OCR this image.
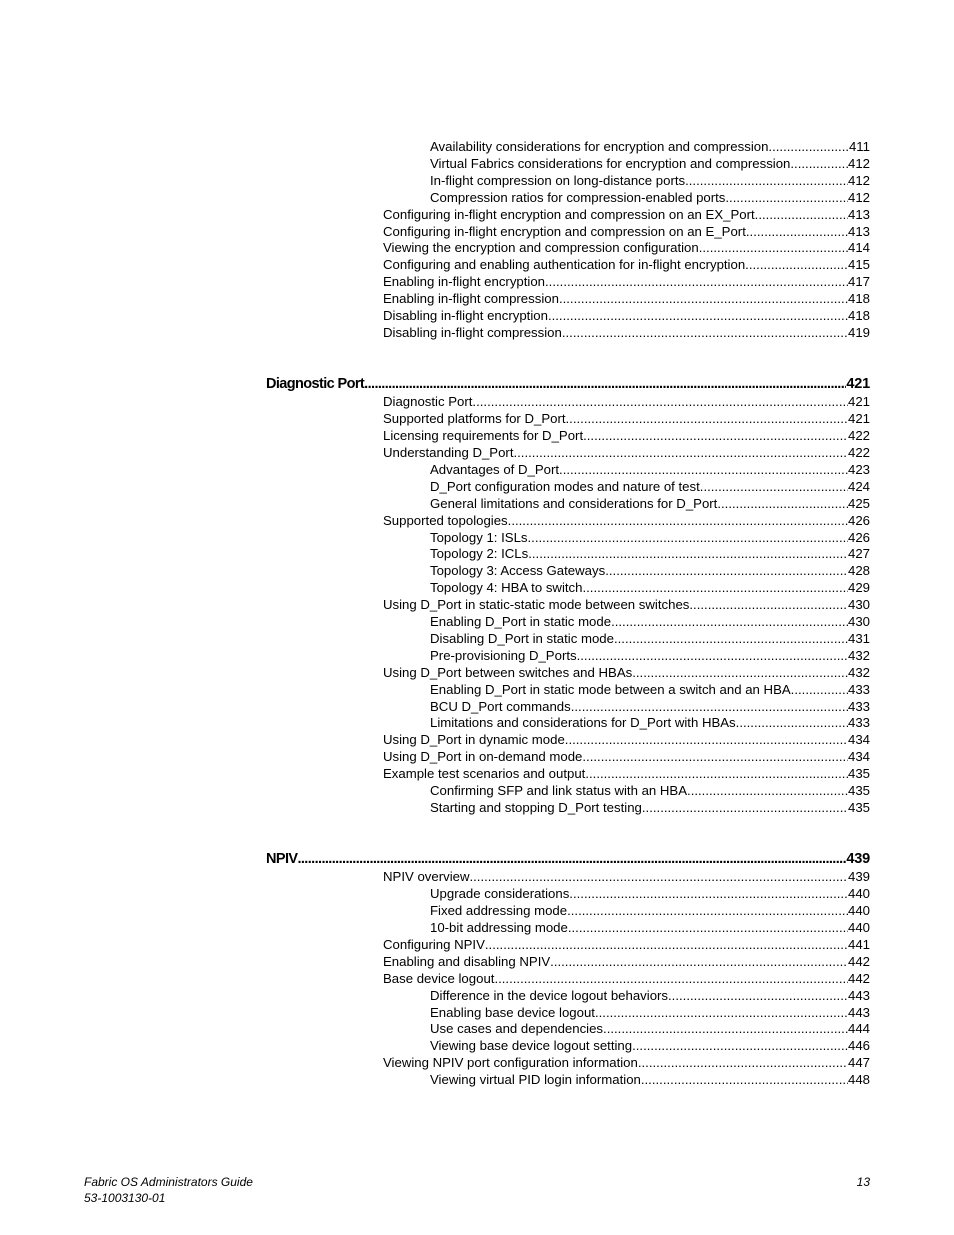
Availability considerations for encryption and compression .....	411
Virtual Fabrics considerations for encryption and compression .....	412
In-flight compression on long-distance ports .....	412
Compression ratios for compression-enabled ports .....	412
Configuring in-flight encryption and compression on an EX_Port .....	413
Configuring in-flight encryption and compression on an E_Port .....	413
Viewing the encryption and compression configuration .....	414
Configuring and enabling authentication for in-flight encryption .....	415
Enabling in-flight encryption .....	417
Enabling in-flight compression .....	418
Disabling in-flight encryption .....	418
Disabling in-flight compression .....	419
Diagnostic Port .....	421
Diagnostic Port .....	421
Supported platforms for D_Port .....	421
Licensing requirements for D_Port .....	422
Understanding D_Port .....	422
Advantages of D_Port .....	423
D_Port configuration modes and nature of test .....	424
General limitations and considerations for D_Port .....	425
Supported topologies .....	426
Topology 1: ISLs .....	426
Topology 2: ICLs .....	427
Topology 3: Access Gateways .....	428
Topology 4: HBA to switch .....	429
Using D_Port in static-static mode between switches .....	430
Enabling D_Port in static mode .....	430
Disabling D_Port in static mode .....	431
Pre-provisioning D_Ports .....	432
Using D_Port between switches and HBAs .....	432
Enabling D_Port in static mode between a switch and an HBA .....	433
BCU D_Port commands .....	433
Limitations and considerations for D_Port with HBAs .....	433
Using D_Port in dynamic mode .....	434
Using D_Port in on-demand mode .....	434
Example test scenarios and output .....	435
Confirming SFP and link status with an HBA .....	435
Starting and stopping D_Port testing .....	435
NPIV .....	439
NPIV overview .....	439
Upgrade considerations .....	440
Fixed addressing mode .....	440
10-bit addressing mode .....	440
Configuring NPIV .....	441
Enabling and disabling NPIV .....	442
Base device logout .....	442
Difference in the device logout behaviors .....	443
Enabling base device logout .....	443
Use cases and dependencies .....	444
Viewing base device logout setting .....	446
Viewing NPIV port configuration information .....	447
Viewing virtual PID login information .....	448
Fabric OS Administrators Guide
53-1003130-01
13
